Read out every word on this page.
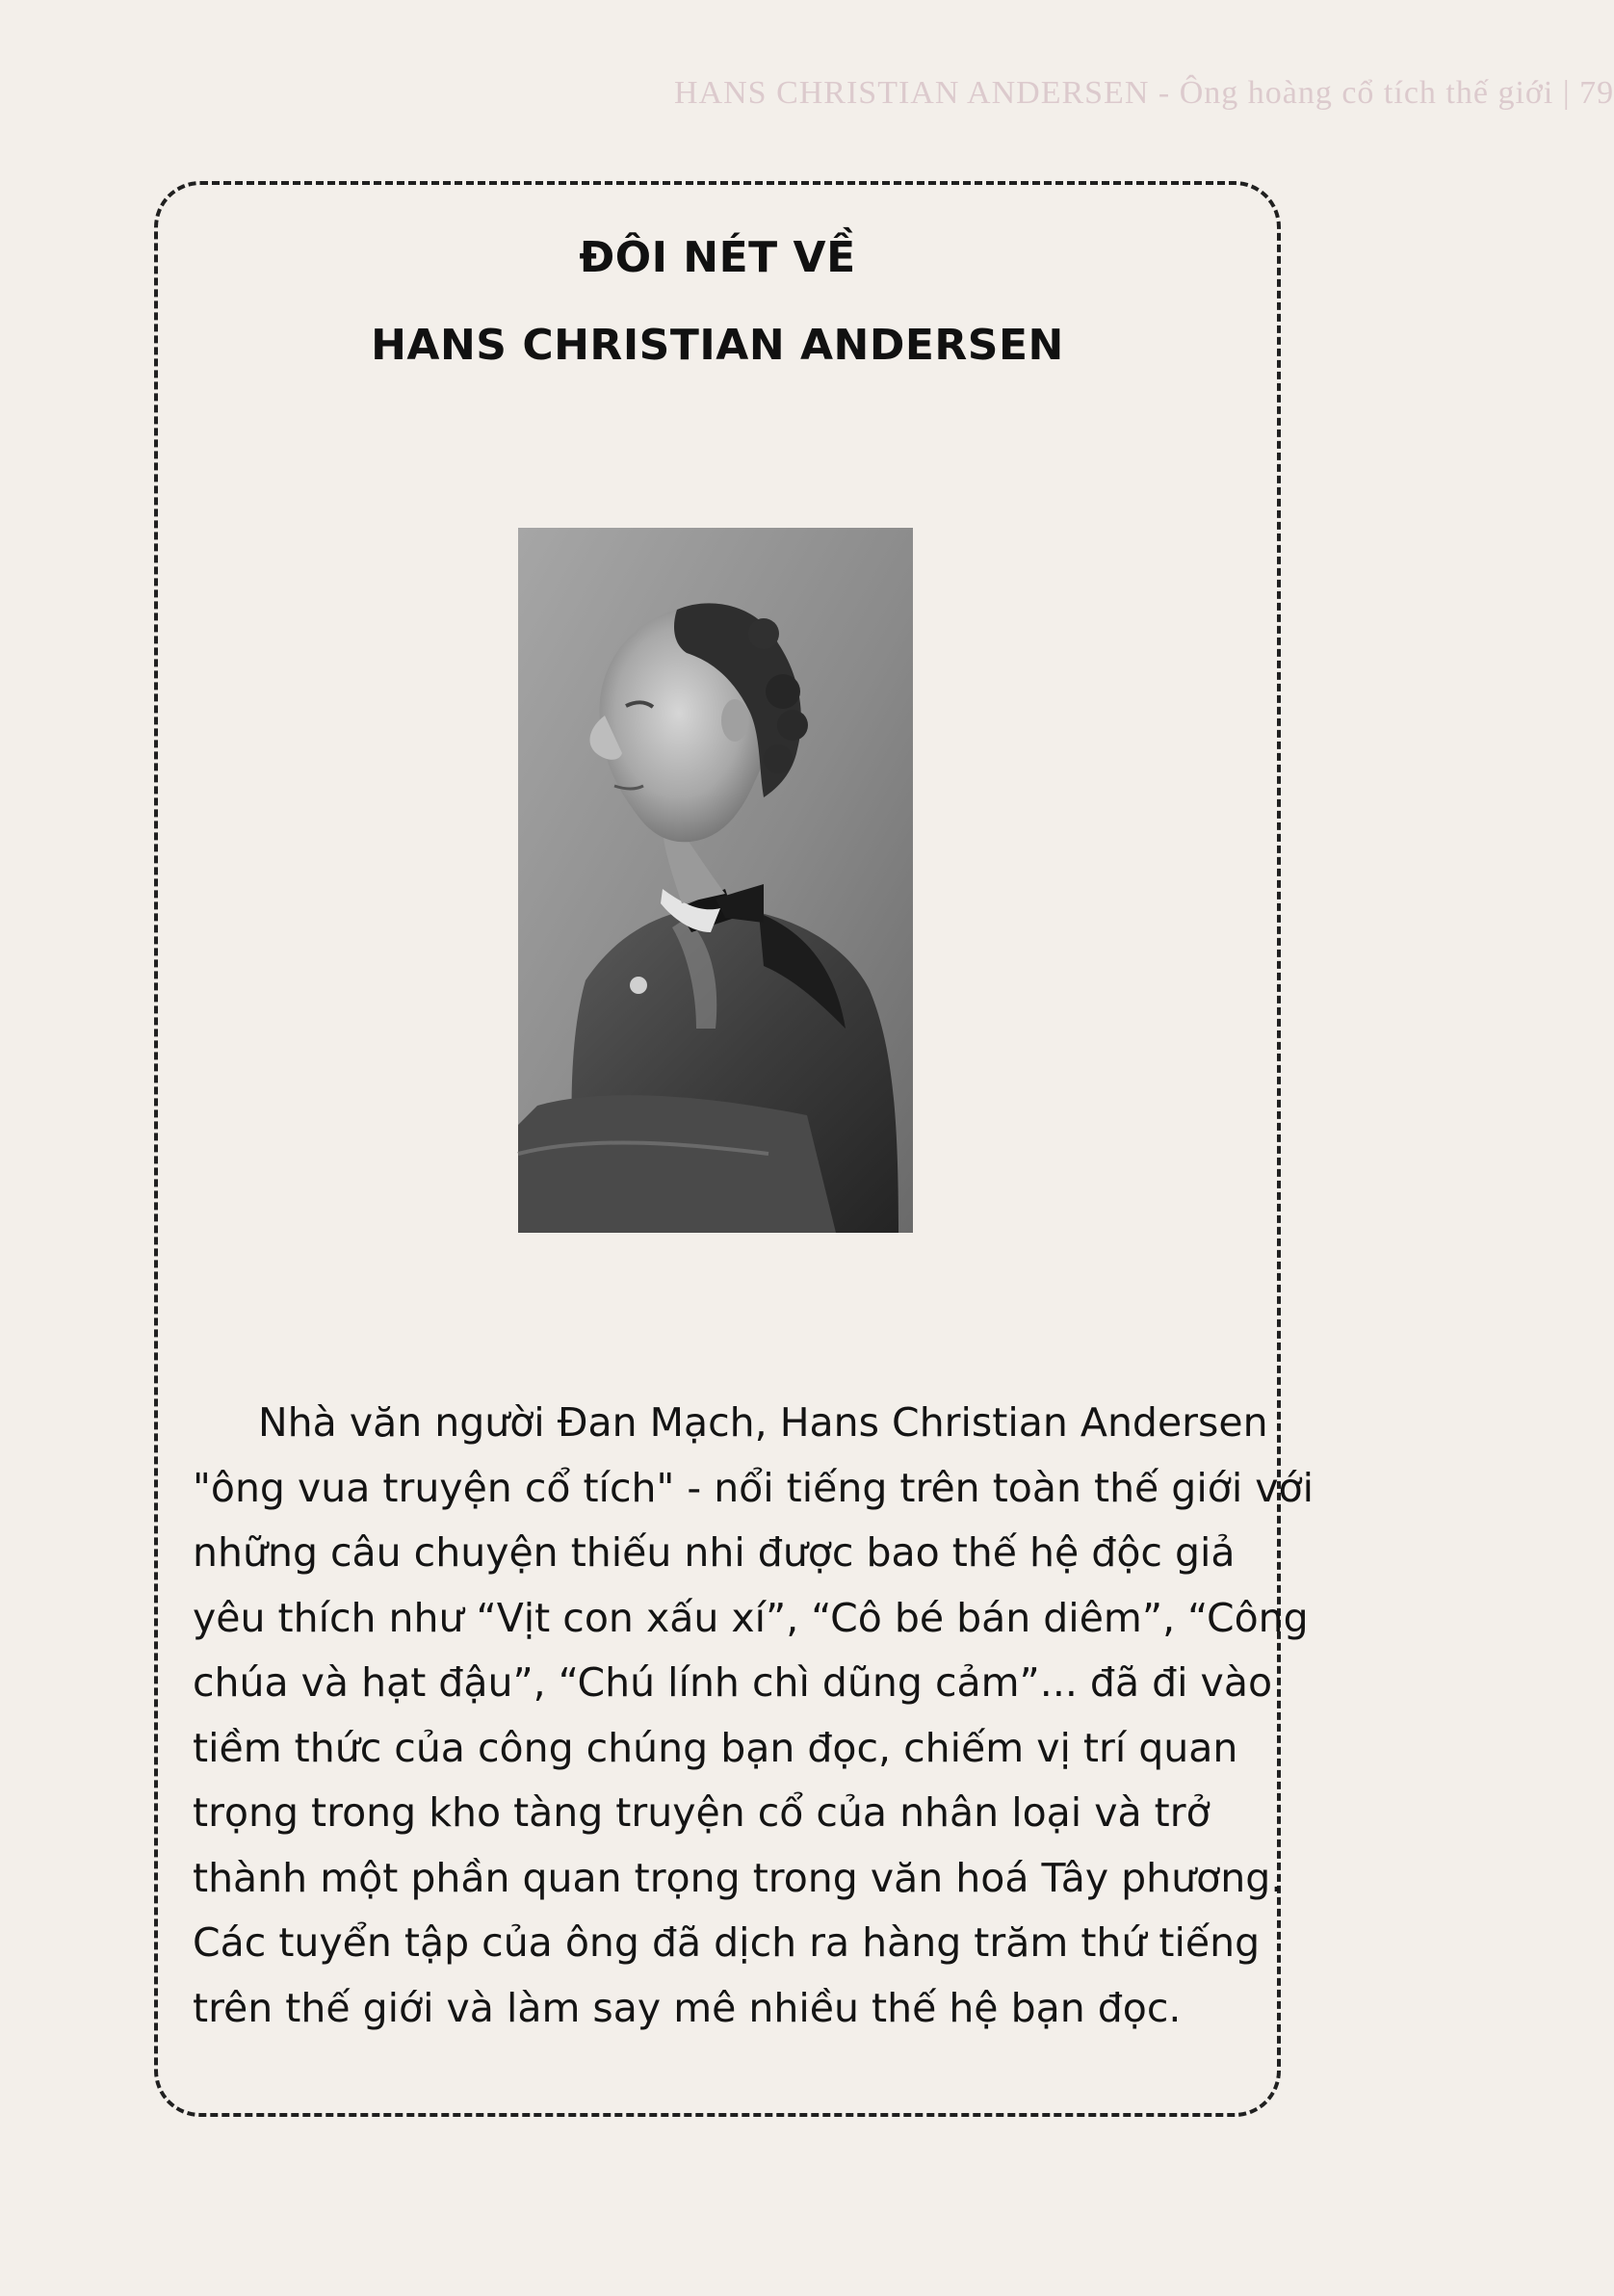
HANS CHRISTIAN ANDERSEN - Ông hoàng cổ tích thế giới | 79
ĐÔI NÉT VỀ
HANS CHRISTIAN ANDERSEN
Nhà văn người Đan Mạch, Hans Christian Andersen
"ông vua truyện cổ tích" - nổi tiếng trên toàn thế giới với
những câu chuyện thiếu nhi được bao thế hệ độc giả
yêu thích như “Vịt con xấu xí”, “Cô bé bán diêm”, “Công
chúa và hạt đậu”, “Chú lính chì dũng cảm”... đã đi vào
tiềm thức của công chúng bạn đọc, chiếm vị trí quan
trọng trong kho tàng truyện cổ của nhân loại và trở
thành một phần quan trọng trong văn hoá Tây phương.
Các tuyển tập của ông đã dịch ra hàng trăm thứ tiếng
trên thế giới và làm say mê nhiều thế hệ bạn đọc.
